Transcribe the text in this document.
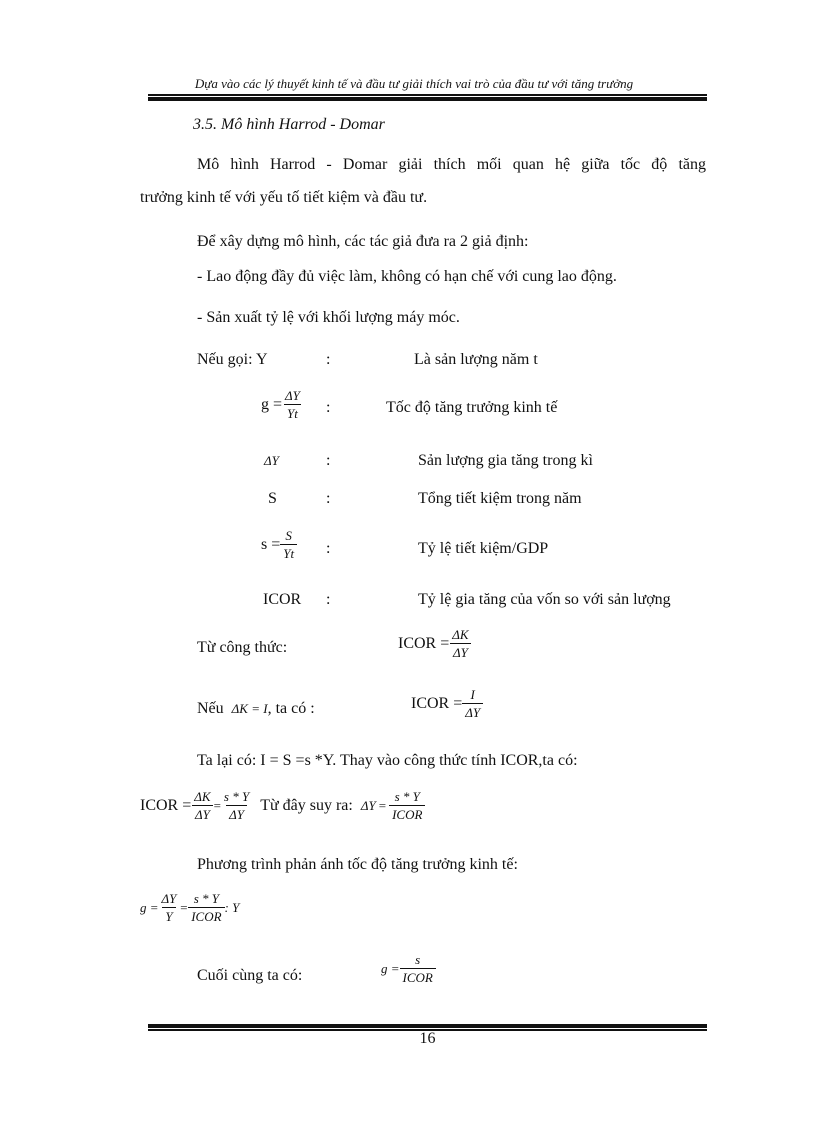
Dựa vào các lý thuyết kinh tế và đầu tư giải thích vai trò của đầu tư với tăng trưởng
3.5. Mô hình Harrod - Domar
Mô hình Harrod - Domar giải thích mối quan hệ giữa tốc độ tăng
trưởng kinh tế với yếu tố tiết kiệm và đầu tư.
Để xây dựng mô hình, các tác giả đưa ra 2 giả định:
- Lao động đầy đủ việc làm, không có hạn chế với cung lao động.
- Sản xuất tỷ lệ với khối lượng máy móc.
Nếu gọi: Y	:	Là sản lượng năm t
$g = \frac{\Delta Y}{Yt}$ :	Tốc độ tăng trưởng kinh tế
ΔY	:	Sản lượng gia tăng trong kì
S	:	Tổng tiết kiệm trong năm
$s = \frac{S}{Yt}$ :	Tỷ lệ tiết kiệm/GDP
ICOR :	Tỷ lệ gia tăng của vốn so với sản lượng
Từ công thức:	ICOR = $\frac{\Delta K}{\Delta Y}$
Nếu ΔK = I , ta có :	ICOR = $\frac{I}{\Delta Y}$
Ta lại có: I = S =s *Y. Thay vào công thức tính ICOR,ta có:
ICOR = $\frac{\Delta K}{\Delta Y} = \frac{s * Y}{\Delta Y}$ Từ đây suy ra: $\Delta Y = \frac{s * Y}{\text{ICOR}}$
Phương trình phản ánh tốc độ tăng trưởng kinh tế:
$g = \frac{\Delta Y}{Y} = \frac{s * Y}{\text{ICOR}}$ : Y
Cuối cùng ta có:	$g = \frac{s}{\text{ICOR}}$
16
